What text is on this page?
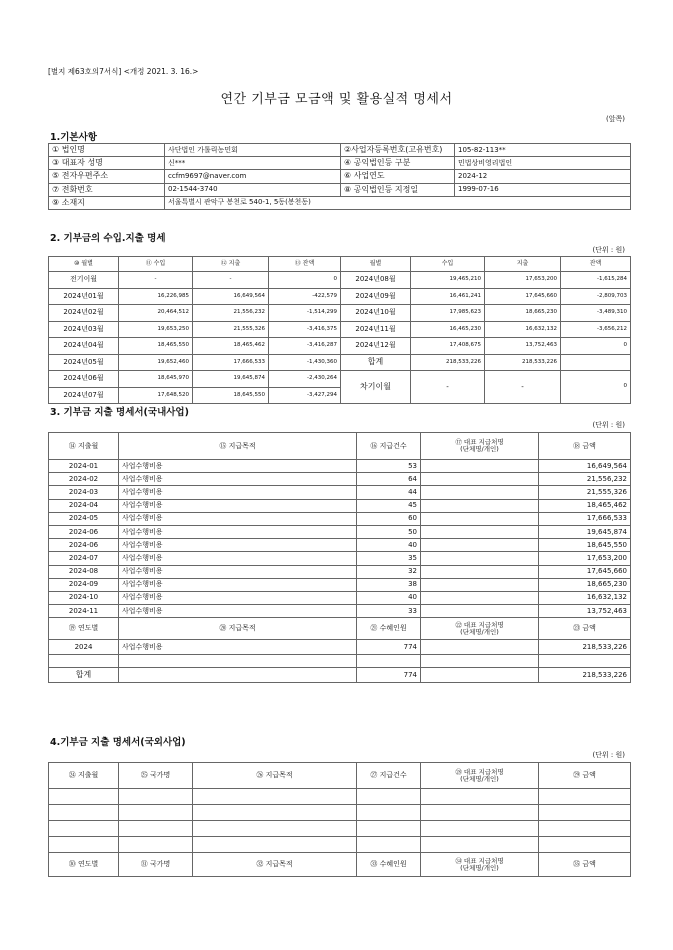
[별지 제63호의7서식] <개정 2021. 3. 16.>
연간 기부금 모금액 및 활용실적 명세서
(앞쪽)
1.기본사항
① 법인명	사단법인 가톨릭농민회	②사업자등록번호(고유번호)	105-82-113**
③ 대표자 성명	신***	④ 공익법인등 구분	민법상비영리법인
⑤ 전자우편주소	ccfm9697@naver.com	⑥ 사업연도	2024-12
⑦ 전화번호	02-1544-3740	⑧ 공익법인등 지정일	1999-07-16
⑨ 소재지	서울특별시 관악구 봉천로 540-1, 5동(봉천동)		
2. 기부금의 수입.지출 명세
(단위 : 원)
⑩ 월별	⑪ 수입	⑫ 지출	⑬ 잔액	월별	수입	지출	잔액
전기이월	-	-	0	2024년08월	19,465,210	17,653,200	-1,615,284
2024년01월	16,226,985	16,649,564	-422,579	2024년09월	16,461,241	17,645,660	-2,809,703
2024년02월	20,464,512	21,556,232	-1,514,299	2024년10월	17,985,623	18,665,230	-3,489,310
2024년03월	19,653,250	21,555,326	-3,416,375	2024년11월	16,465,230	16,632,132	-3,656,212
2024년04월	18,465,550	18,465,462	-3,416,287	2024년12월	17,408,675	13,752,463	0
2024년05월	19,652,460	17,666,533	-1,430,360	합계	218,533,226	218,533,226	
2024년06월	18,645,970	19,645,874	-2,430,264	차기이월	-	-	0
2024년07월	17,648,520	18,645,550	-3,427,294				
3. 기부금 지출 명세서(국내사업)
(단위 : 원)
⑭ 지출월	⑮ 지급목적	⑯ 지급건수	⑰ 대표 지급처명
(단체명/개인)	⑱ 금액
2024-01	사업수행비용	53		16,649,564
2024-02	사업수행비용	64		21,556,232
2024-03	사업수행비용	44		21,555,326
2024-04	사업수행비용	45		18,465,462
2024-05	사업수행비용	60		17,666,533
2024-06	사업수행비용	50		19,645,874
2024-06	사업수행비용	40		18,645,550
2024-07	사업수행비용	35		17,653,200
2024-08	사업수행비용	32		17,645,660
2024-09	사업수행비용	38		18,665,230
2024-10	사업수행비용	40		16,632,132
2024-11	사업수행비용	33		13,752,463
⑲ 연도별	⑳ 지급목적	㉑ 수혜인원	㉒ 대표 지급처명
(단체명/개인)	㉓ 금액
2024	사업수행비용	774		218,533,226

합계		774		218,533,226
4.기부금 지출 명세서(국외사업)
(단위 : 원)
㉔ 지출월	㉕ 국가명	㉖ 지급목적	㉗ 지급건수	㉘ 대표 지급처명
(단체명/개인)	㉙ 금액

㉚ 연도별	㉛ 국가명	㉜ 지급목적	㉝ 수혜인원	㉞ 대표 지급처명
(단체명/개인)	㉟ 금액
